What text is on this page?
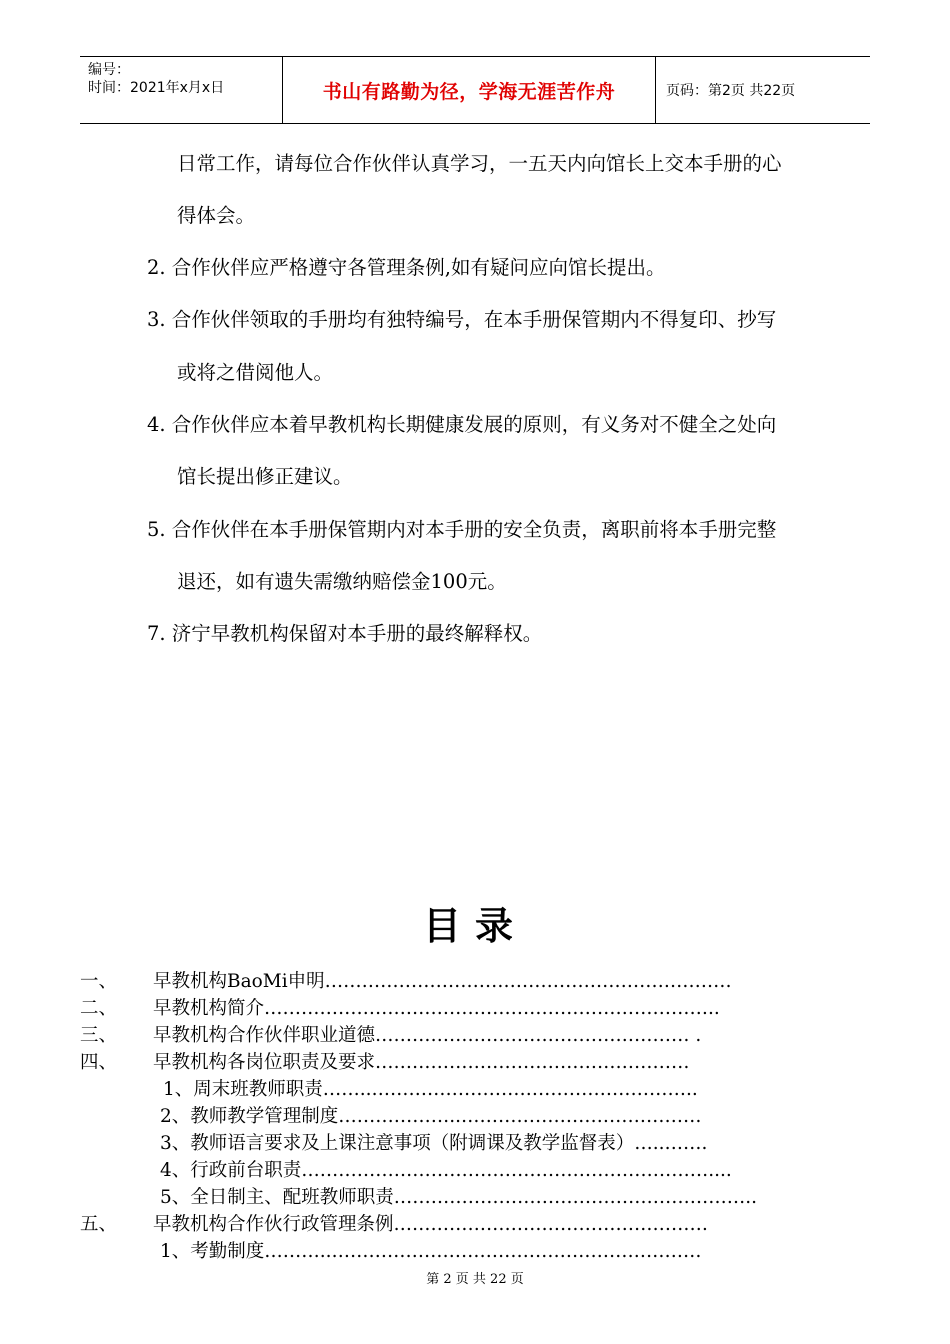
编号：
时间：2021年x月x日	书山有路勤为径，学海无涯苦作舟	页码：第2页 共22页
日常工作，请每位合作伙伴认真学习，一五天内向馆长上交本手册的心
得体会。
2. 合作伙伴应严格遵守各管理条例,如有疑问应向馆长提出。
3. 合作伙伴领取的手册均有独特编号，在本手册保管期内不得复印、抄写
或将之借阅他人。
4. 合作伙伴应本着早教机构长期健康发展的原则，有义务对不健全之处向
馆长提出修正建议。
5. 合作伙伴在本手册保管期内对本手册的安全负责，离职前将本手册完整
退还，如有遗失需缴纳赔偿金100元。
7. 济宁早教机构保留对本手册的最终解释权。
目录
一、 早教机构BaoMi申明…………………………………………………………
二、 早教机构简介………………………………………………………………..
三、 早教机构合作伙伴职业道德…………………………………………… .
四、 早教机构各岗位职责及要求……………………………………………
1、周末班教师职责……..……………………………………………..
2、教师教学管理制度………………..…………………………………
3、教师语言要求及上课注意事项（附调课及教学监督表）…..…….
4、行政前台职责…………………………………………………………....
5、全日制主、配班教师职责…………………………………………………..
五、 早教机构合作伙行政管理条例……………………………………………
1、考勤制度………..……………………………………………………
第 2 页 共 22 页
